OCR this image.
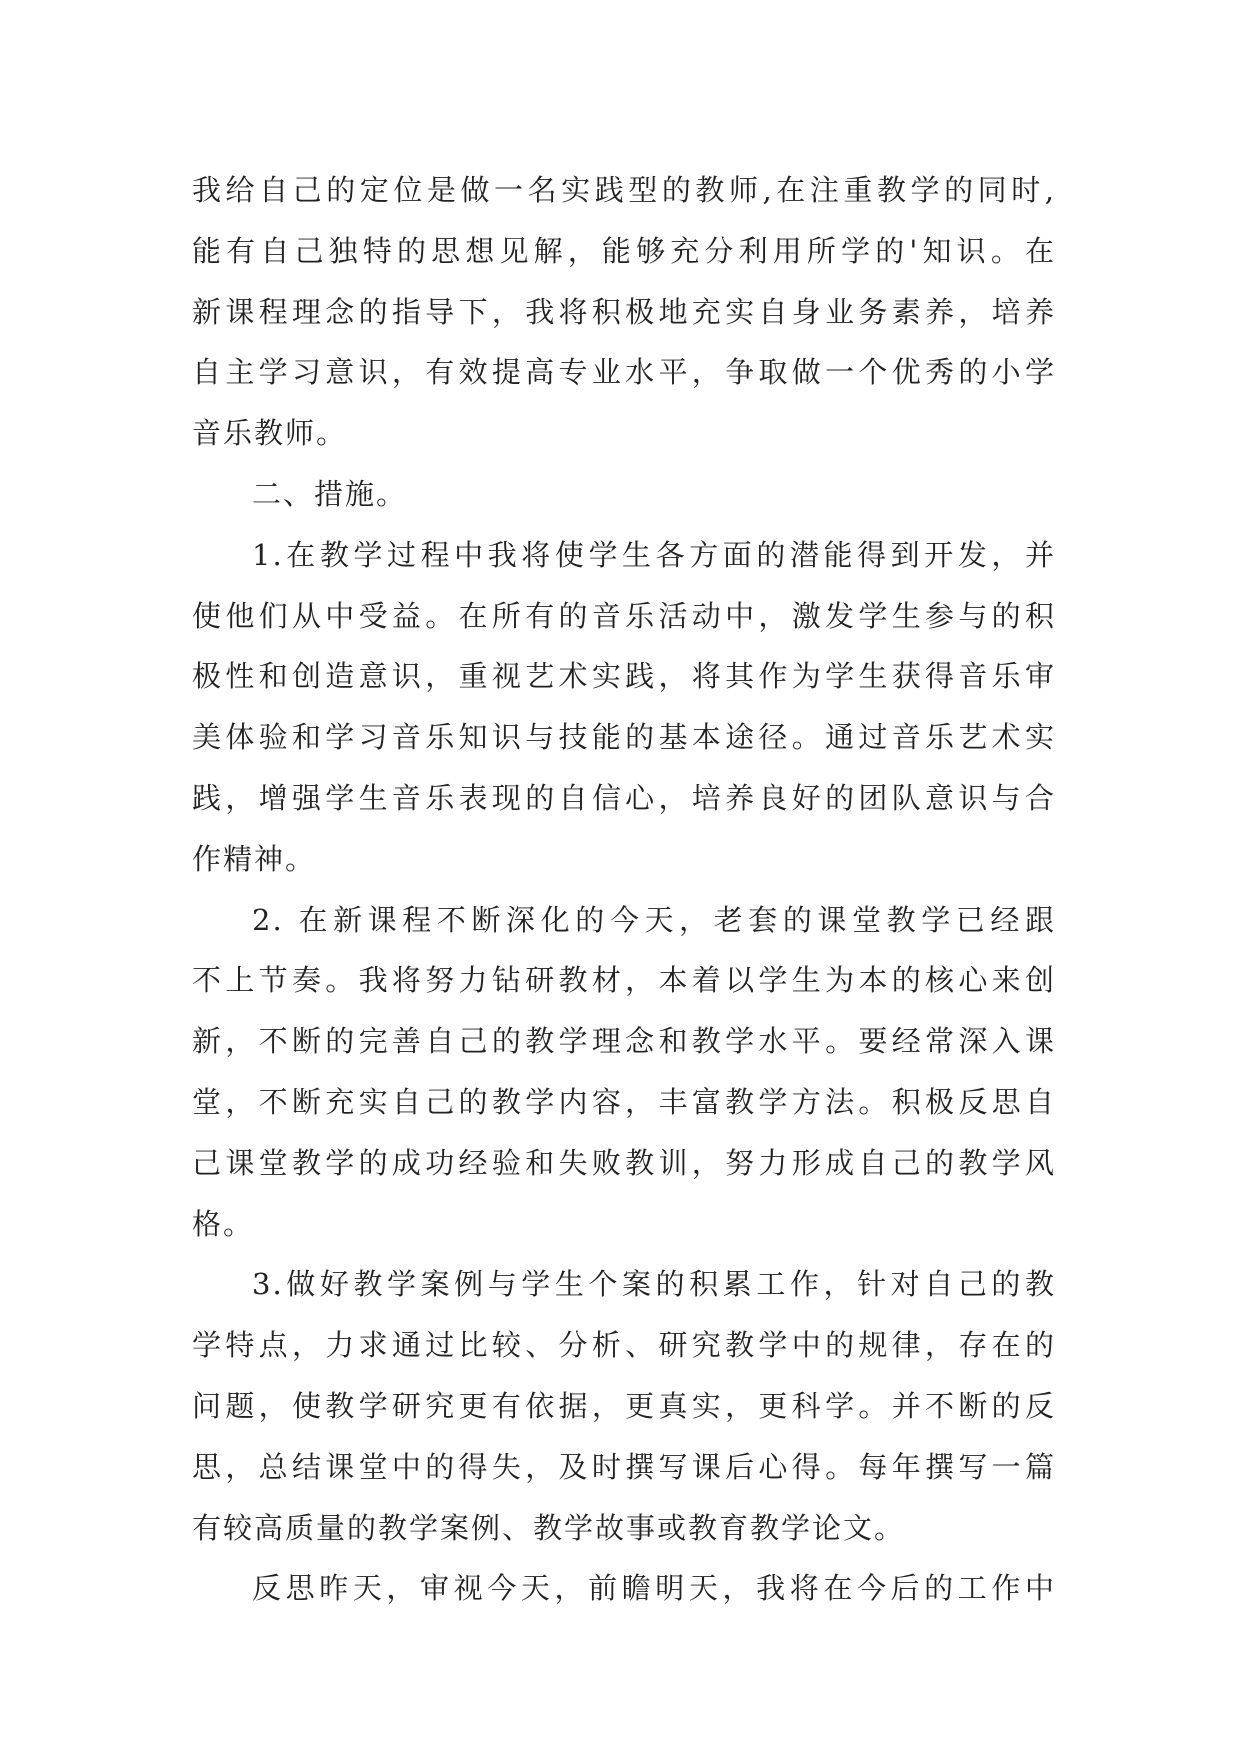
我给自己的定位是做一名实践型的教师,在注重教学的同时,
能有自己独特的思想见解，能够充分利用所学的'知识。在
新课程理念的指导下，我将积极地充实自身业务素养，培养
自主学习意识，有效提高专业水平，争取做一个优秀的小学
音乐教师。
二、措施。
1.在教学过程中我将使学生各方面的潜能得到开发，并
使他们从中受益。在所有的音乐活动中，激发学生参与的积
极性和创造意识，重视艺术实践，将其作为学生获得音乐审
美体验和学习音乐知识与技能的基本途径。通过音乐艺术实
践，增强学生音乐表现的自信心，培养良好的团队意识与合
作精神。
2. 在新课程不断深化的今天，老套的课堂教学已经跟
不上节奏。我将努力钻研教材，本着以学生为本的核心来创
新，不断的完善自己的教学理念和教学水平。要经常深入课
堂，不断充实自己的教学内容，丰富教学方法。积极反思自
己课堂教学的成功经验和失败教训，努力形成自己的教学风
格。
3.做好教学案例与学生个案的积累工作，针对自己的教
学特点，力求通过比较、分析、研究教学中的规律，存在的
问题，使教学研究更有依据，更真实，更科学。并不断的反
思，总结课堂中的得失，及时撰写课后心得。每年撰写一篇
有较高质量的教学案例、教学故事或教育教学论文。
反思昨天，审视今天，前瞻明天，我将在今后的工作中
